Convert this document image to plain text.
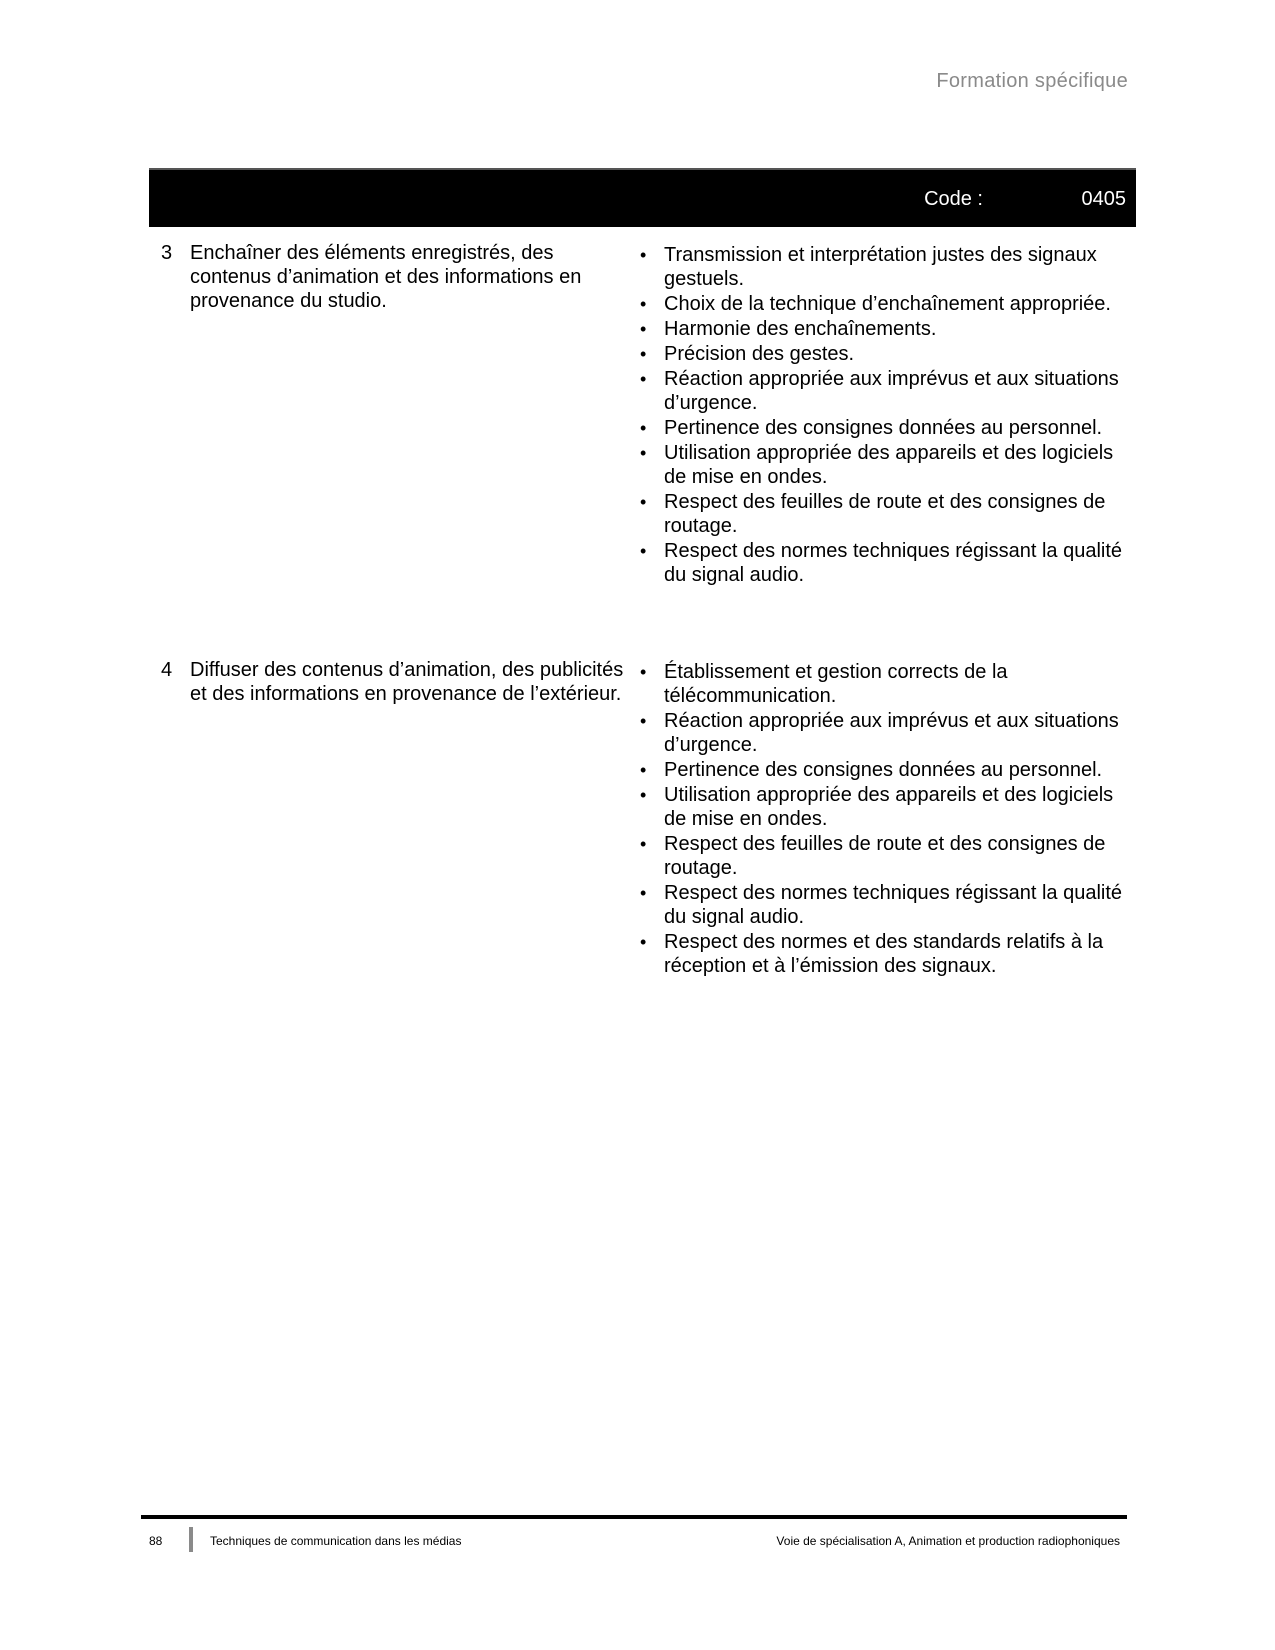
Formation spécifique
Code :	0405
3 Enchaîner des éléments enregistrés, des contenus d’animation et des informations en provenance du studio.
• Transmission et interprétation justes des signaux gestuels.
• Choix de la technique d’enchaînement appropriée.
• Harmonie des enchaînements.
• Précision des gestes.
• Réaction appropriée aux imprévus et aux situations d’urgence.
• Pertinence des consignes données au personnel.
• Utilisation appropriée des appareils et des logiciels de mise en ondes.
• Respect des feuilles de route et des consignes de routage.
• Respect des normes techniques régissant la qualité du signal audio.
4 Diffuser des contenus d’animation, des publicités et des informations en provenance de l’extérieur.
• Établissement et gestion corrects de la télécommunication.
• Réaction appropriée aux imprévus et aux situations d’urgence.
• Pertinence des consignes données au personnel.
• Utilisation appropriée des appareils et des logiciels de mise en ondes.
• Respect des feuilles de route et des consignes de routage.
• Respect des normes techniques régissant la qualité du signal audio.
• Respect des normes et des standards relatifs à la réception et à l’émission des signaux.
88	Techniques de communication dans les médias	Voie de spécialisation A, Animation et production radiophoniques
